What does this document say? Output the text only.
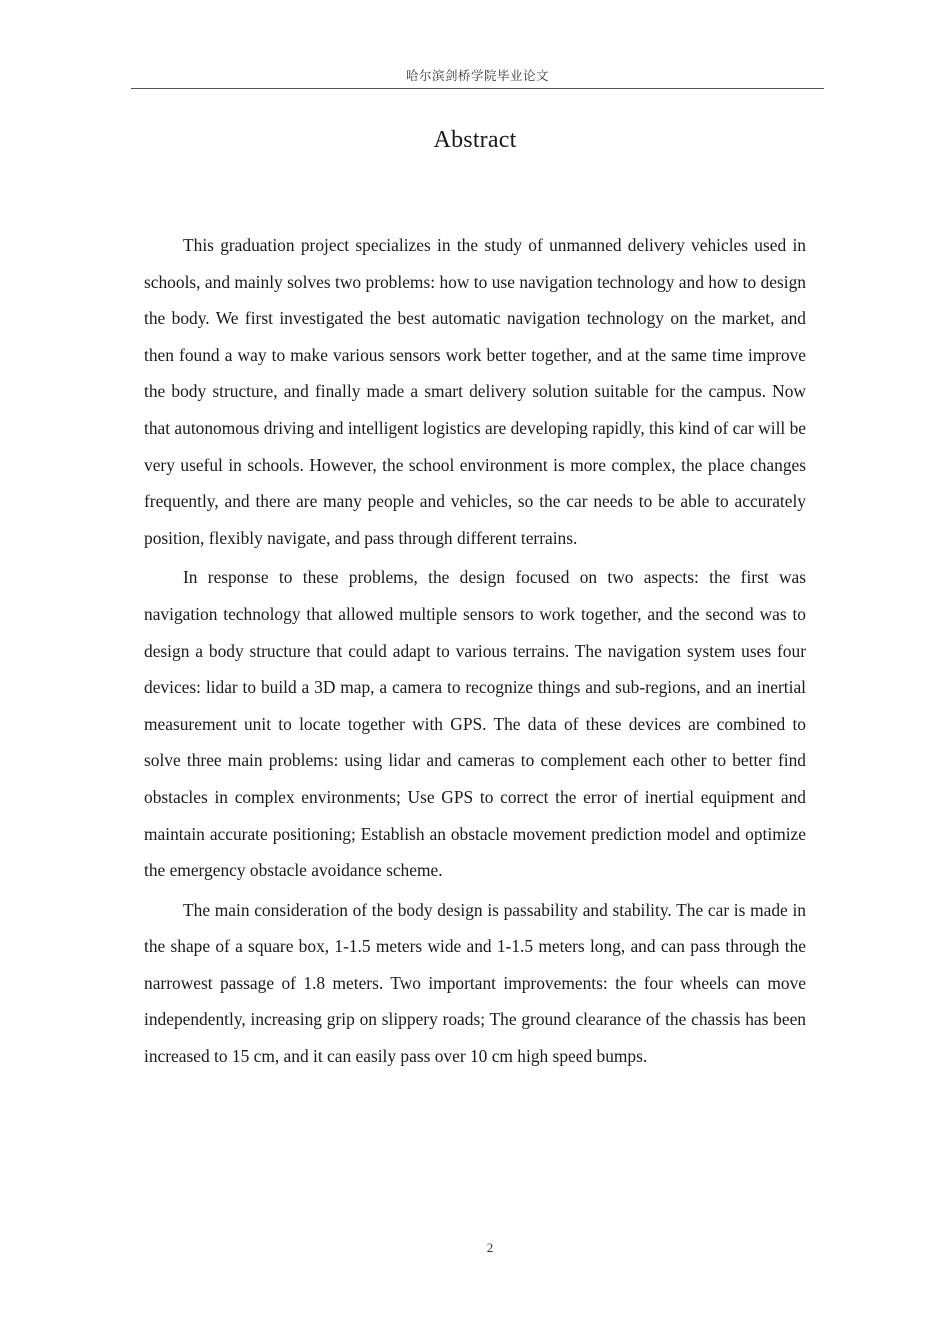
哈尔滨剑桥学院毕业论文
Abstract

This graduation project specializes in the study of unmanned delivery vehicles used in schools, and mainly solves two problems: how to use navigation technology and how to design the body. We first investigated the best automatic navigation technology on the market, and then found a way to make various sensors work better together, and at the same time improve the body structure, and finally made a smart delivery solution suitable for the campus. Now that autonomous driving and intelligent logistics are developing rapidly, this kind of car will be very useful in schools. However, the school environment is more complex, the place changes frequently, and there are many people and vehicles, so the car needs to be able to accurately position, flexibly navigate, and pass through different terrains.

In response to these problems, the design focused on two aspects: the first was navigation technology that allowed multiple sensors to work together, and the second was to design a body structure that could adapt to various terrains. The navigation system uses four devices: lidar to build a 3D map, a camera to recognize things and sub-regions, and an inertial measurement unit to locate together with GPS. The data of these devices are combined to solve three main problems: using lidar and cameras to complement each other to better find obstacles in complex environments; Use GPS to correct the error of inertial equipment and maintain accurate positioning; Establish an obstacle movement prediction model and optimize the emergency obstacle avoidance scheme.

The main consideration of the body design is passability and stability. The car is made in the shape of a square box, 1-1.5 meters wide and 1-1.5 meters long, and can pass through the narrowest passage of 1.8 meters. Two important improvements: the four wheels can move independently, increasing grip on slippery roads; The ground clearance of the chassis has been increased to 15 cm, and it can easily pass over 10 cm high speed bumps.

2
